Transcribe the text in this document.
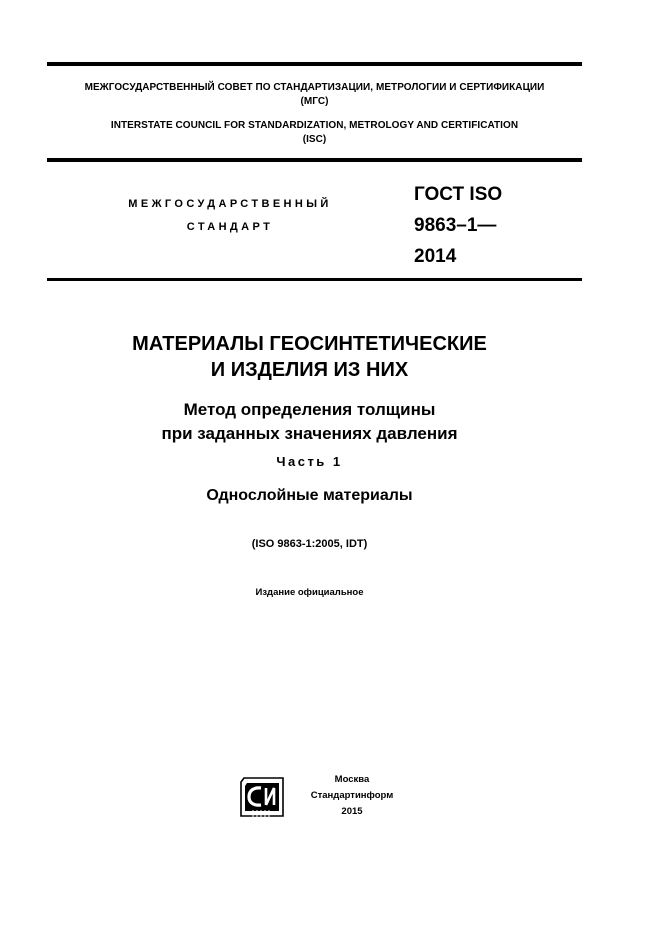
МЕЖГОСУДАРСТВЕННЫЙ СОВЕТ ПО СТАНДАРТИЗАЦИИ, МЕТРОЛОГИИ И СЕРТИФИКАЦИИ
(МГС)
INTERSTATE COUNCIL FOR STANDARDIZATION, METROLOGY AND CERTIFICATION
(ISC)
МЕЖГОСУДАРСТВЕННЫЙ
СТАНДАРТ
ГОСТ ISO
9863–1—
2014
МАТЕРИАЛЫ ГЕОСИНТЕТИЧЕСКИЕ
И ИЗДЕЛИЯ ИЗ НИХ
Метод определения толщины
при заданных значениях давления
Часть 1
Однослойные материалы
(ISO 9863-1:2005, IDT)
Издание официальное
Москва
Стандартинформ
2015
